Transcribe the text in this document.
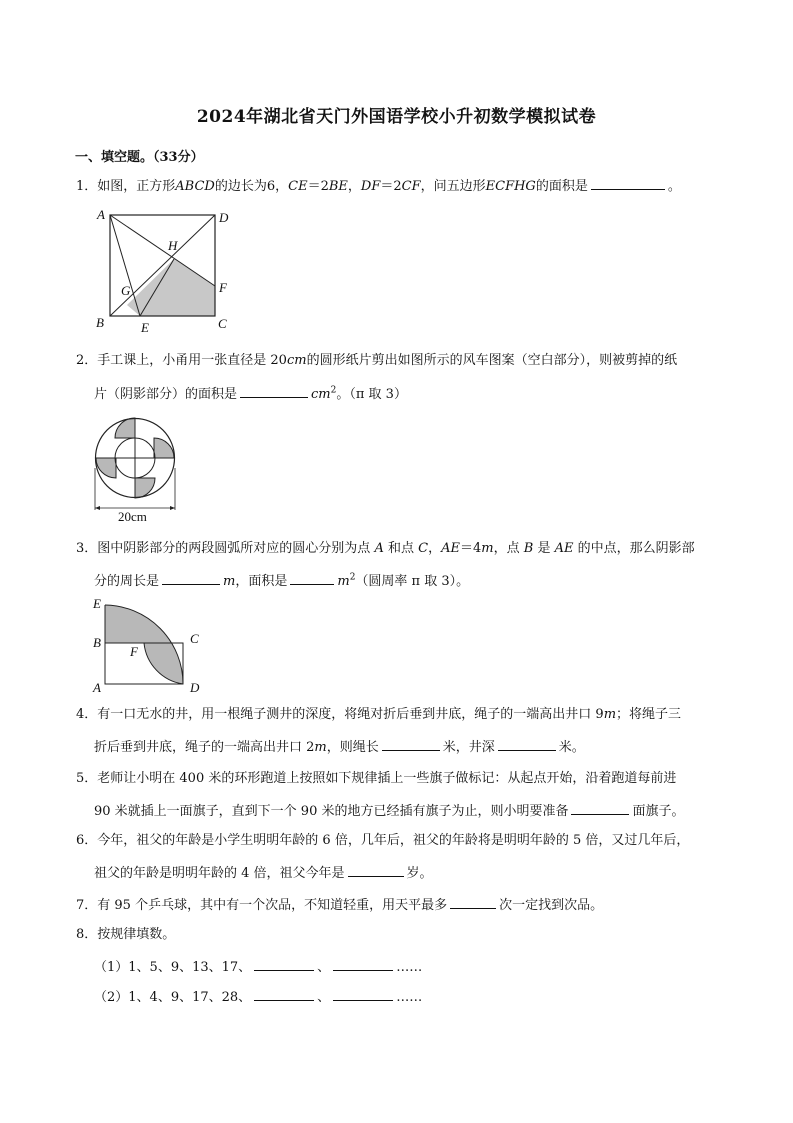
2024年湖北省天门外国语学校小升初数学模拟试卷
一、填空题。（33分）
1．如图，正方形ABCD的边长为6，CE＝2BE，DF＝2CF，问五边形ECFHG的面积是	。
A	D
H
G	F
B	E	C
2．手工课上，小甬用一张直径是 20cm的圆形纸片剪出如图所示的风车图案（空白部分），则被剪掉的纸
片（阴影部分）的面积是	$cm^2$。（π 取 3）
20cm
3．图中阴影部分的两段圆弧所对应的圆心分别为点 A 和点 C，AE＝4m，点 B 是 AE 的中点，那么阴影部
分的周长是	m，面积是	$m^2$（圆周率 π 取 3）。
E
B	C
F
A	D
4．有一口无水的井，用一根绳子测井的深度，将绳对折后垂到井底，绳子的一端高出井口 9m；将绳子三
折后垂到井底，绳子的一端高出井口 2m，则绳长	米，井深	米。
5．老师让小明在 400 米的环形跑道上按照如下规律插上一些旗子做标记：从起点开始，沿着跑道每前进
90 米就插上一面旗子，直到下一个 90 米的地方已经插有旗子为止，则小明要准备	面旗子。
6．今年，祖父的年龄是小学生明明年龄的 6 倍，几年后，祖父的年龄将是明明年龄的 5 倍，又过几年后，
祖父的年龄是明明年龄的 4 倍，祖父今年是	岁。
7．有 95 个乒乓球，其中有一个次品，不知道轻重，用天平最多	次一定找到次品。
8．按规律填数。
（1）1、5、9、13、17、	、	……
（2）1、4、9、17、28、	、	……
